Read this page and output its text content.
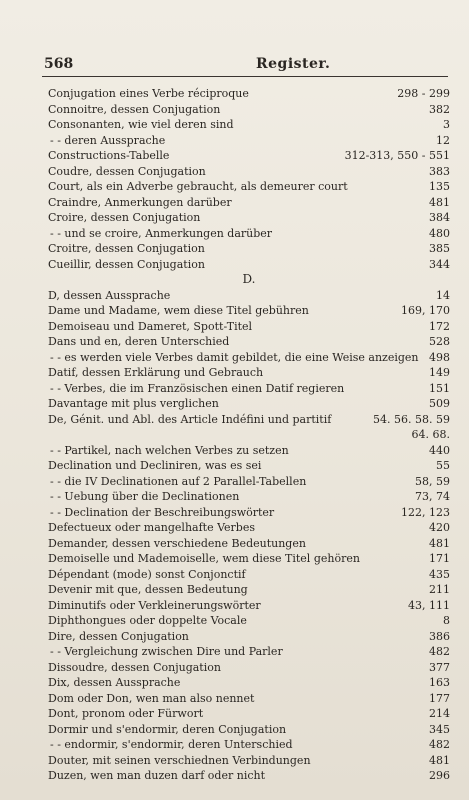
568	Register.
Conjugation eines Verbe réciproque	298 - 299
Connoitre, dessen Conjugation	382
Consonanten, wie viel deren sind	3
- - deren Aussprache	12
Constructions-Tabelle	312-313, 550 - 551
Coudre, dessen Conjugation	383
Court, als ein Adverbe gebraucht, als demeurer court	135
Craindre, Anmerkungen darüber	481
Croire, dessen Conjugation	384
- - und se croire, Anmerkungen darüber	480
Croitre, dessen Conjugation	385
Cueillir, dessen Conjugation	344
D.
D, dessen Aussprache	14
Dame und Madame, wem diese Titel gebühren	169, 170
Demoiseau und Dameret, Spott-Titel	172
Dans und en, deren Unterschied	528
- - es werden viele Verbes damit gebildet, die eine Weise anzeigen 498
Datif, dessen Erklärung und Gebrauch	149
- - Verbes, die im Französischen einen Datif regieren	151
Davantage mit plus verglichen	509
De, Génit. und Abl. des Article Indéfini und partitif	54. 56. 58. 59
64. 68.
- - Partikel, nach welchen Verbes zu setzen	440
Declination und Decliniren, was es sei	55
- - die IV Declinationen auf 2 Parallel-Tabellen	58, 59
- - Uebung über die Declinationen	73, 74
- - Declination der Beschreibungswörter	122, 123
Defectueux oder mangelhafte Verbes	420
Demander, dessen verschiedene Bedeutungen	481
Demoiselle und Mademoiselle, wem diese Titel gehören	171
Dépendant (mode) sonst Conjonctif	435
Devenir mit que, dessen Bedeutung	211
Diminutifs oder Verkleinerungswörter	43, 111
Diphthongues oder doppelte Vocale	8
Dire, dessen Conjugation	386
- - Vergleichung zwischen Dire und Parler	482
Dissoudre, dessen Conjugation	377
Dix, dessen Aussprache	163
Dom oder Don, wen man also nennet	177
Dont, pronom oder Fürwort	214
Dormir und s'endormir, deren Conjugation	345
- - endormir, s'endormir, deren Unterschied	482
Douter, mit seinen verschiednen Verbindungen	481
Duzen, wen man duzen darf oder nicht	296
